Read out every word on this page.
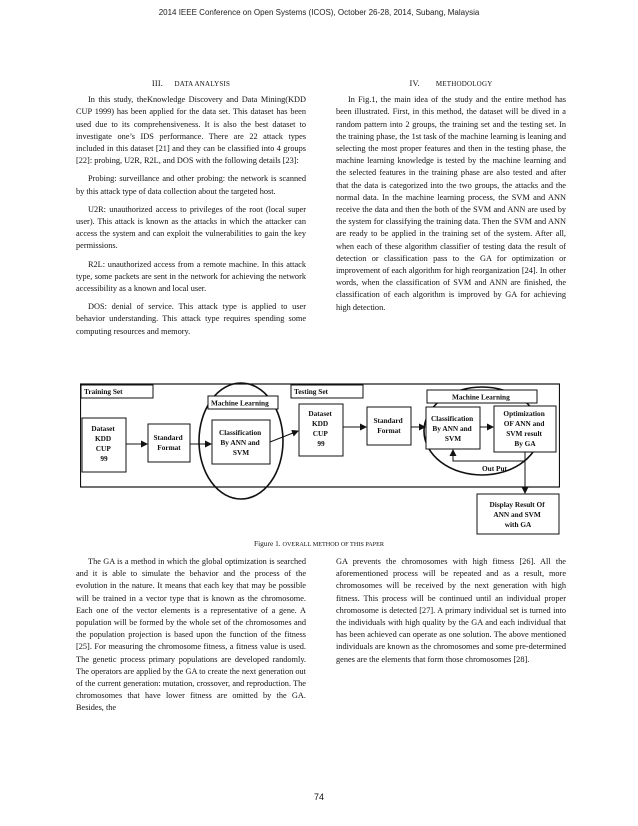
2014 IEEE Conference on Open Systems (ICOS), October 26-28, 2014, Subang, Malaysia
III. DATA ANALYSIS

In this study, theKnowledge Discovery and Data Mining(KDD CUP 1999) has been applied for the data set. This dataset has been used due to its comprehensiveness. It is also the best dataset to investigate one’s IDS performance. There are 22 attack types included in this dataset [21] and they can be classified into 4 groups [22]: probing, U2R, R2L, and DOS with the following details [23]:

Probing: surveillance and other probing: the network is scanned by this attack type of data collection about the targeted host.

U2R: unauthorized access to privileges of the root (local super user). This attack is known as the attacks in which the attacker can access the system and can exploit the vulnerabilities to gain the key permissions.

R2L: unauthorized access from a remote machine. In this attack type, some packets are sent in the network for achieving the network accessibility as a known and local user.

DOS: denial of service. This attack type is applied to user behavior understanding. This attack type requires spending some computing resources and memory.

IV. METHODOLOGY

In Fig.1, the main idea of the study and the entire method has been illustrated. First, in this method, the dataset will be dived in a random pattern into 2 groups, the training set and the testing set. In the training phase, the 1st task of the machine learning is leaning and selecting the most proper features and then in the testing phase, the machine learning knowledge is tested by the machine learning and the selected features in the training phase are also tested and after that the data is categorized into the two groups, the attacks and the normal data. In the machine learning process, the SVM and ANN receive the data and then the both of the SVM and ANN are used by the system for classifying the training data. Then the SVM and ANN are ready to be applied in the training set of the system. After all, when each of these algorithm classifier of testing data the result of detection or classification pass to the GA for optimization or improvement of each algorithm for high reorganization [24]. In other words, when the classification of SVM and ANN are finished, the classification of each algorithm is improved by GA for achieving high detection.

Training Set	Testing Set
Machine Learning
Machine Learning
Dataset KDD CUP 99
Standard Format
Classification By ANN and SVM
Dataset KDD CUP 99
Standard Format
Classification By ANN and SVM
Optimization OF ANN and SVM result By GA
Out Put
Display Result Of ANN and SVM with GA
Figure 1. OVERALL METHOD OF THIS PAPER

The GA is a method in which the global optimization is searched and it is able to simulate the behavior and the process of the evolution in the nature. It means that each key that may be possible will be trained in a vector type that is known as the chromosome. Each one of the vector elements is a representative of a gene. A population will be formed by the whole set of the chromosomes and the population projection is based upon the function of the fitness [25]. For measuring the chromosome fitness, a fitness value is used. The genetic process primary populations are developed randomly. The operators are applied by the GA to create the next generation out of the current generation: mutation, crossover, and reproduction. The chromosomes that have lower fitness are omitted by the GA. Besides, the

GA prevents the chromosomes with high fitness [26]. All the aforementioned process will be repeated and as a result, more chromosomes will be received by the next generation with high fitness. This process will be continued until an individual proper chromosome is detected [27]. A primary individual set is turned into the individuals with high quality by the GA and each individual that has been achieved can operate as one solution. The above mentioned individuals are known as the chromosomes and some pre-determined genes are the elements that form those chromosomes [28].

74
